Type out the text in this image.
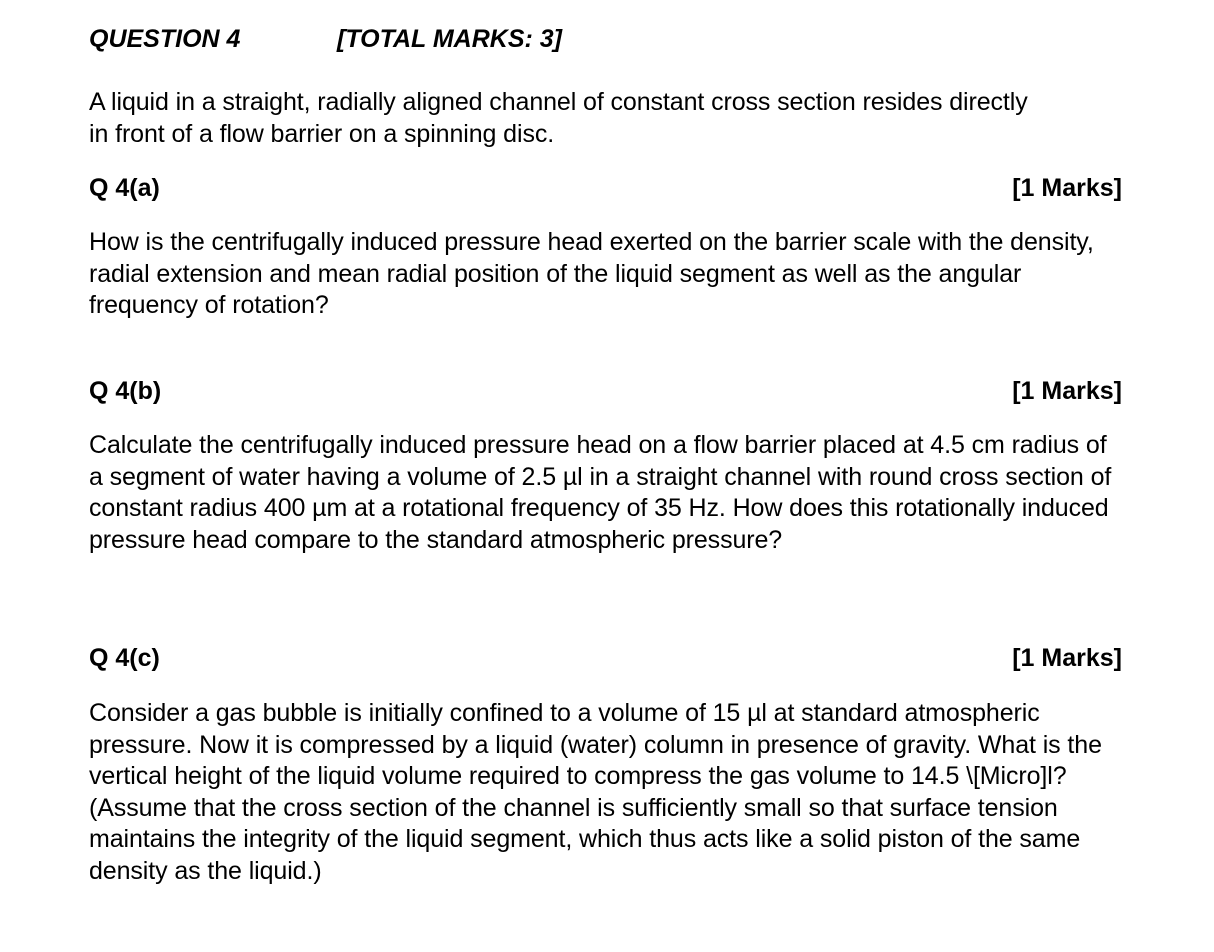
QUESTION 4	[TOTAL MARKS: 3]
A liquid in a straight, radially aligned channel of constant cross section resides directly in front of a flow barrier on a spinning disc.
Q 4(a)	[1 Marks]
How is the centrifugally induced pressure head exerted on the barrier scale with the density, radial extension and mean radial position of the liquid segment as well as the angular frequency of rotation?
Q 4(b)	[1 Marks]
Calculate the centrifugally induced pressure head on a flow barrier placed at 4.5 cm radius of a segment of water having a volume of 2.5 µl in a straight channel with round cross section of constant radius 400 µm at a rotational frequency of 35 Hz. How does this rotationally induced pressure head compare to the standard atmospheric pressure?
Q 4(c)	[1 Marks]
Consider a gas bubble is initially confined to a volume of 15 µl at standard atmospheric pressure. Now it is compressed by a liquid (water) column in presence of gravity. What is the vertical height of the liquid volume required to compress the gas volume to 14.5 \[Micro]l? (Assume that the cross section of the channel is sufficiently small so that surface tension maintains the integrity of the liquid segment, which thus acts like a solid piston of the same density as the liquid.)
